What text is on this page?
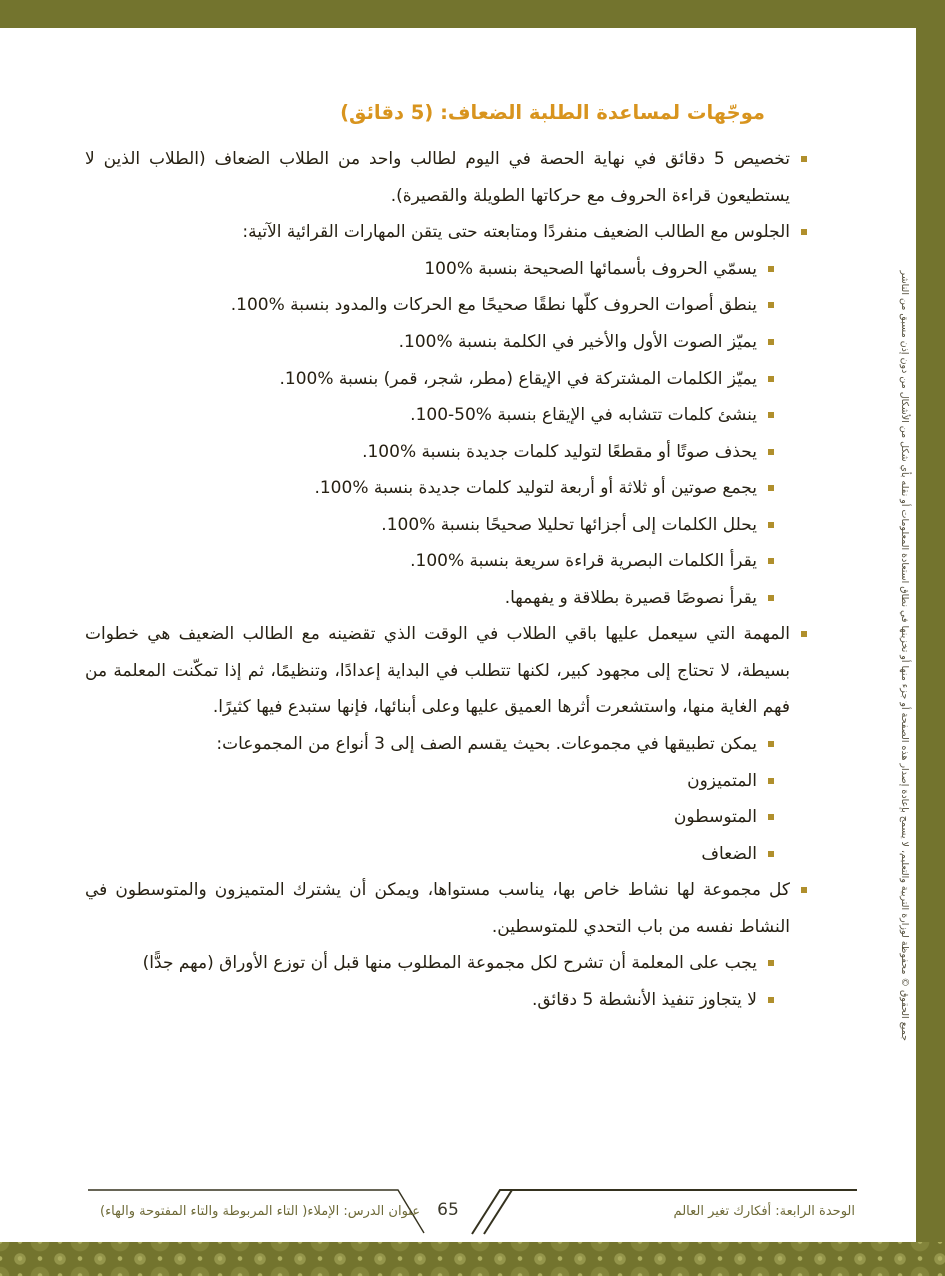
جميع الحقوق © محفوظة لوزارة التربية والتعليم، لا يسمح بإعادة إصدار هذه الصفحة أو جزء منها أو تخزينها في نطاق استعادة المعلومات أو نقله بأي شكل من الأشكال من دون إذن مسبق من الناشر
موجّهات لمساعدة الطلبة الضعاف: (5 دقائق)
تخصيص 5 دقائق في نهاية الحصة في اليوم لطالب واحد من الطلاب الضعاف (الطلاب الذين لا يستطيعون قراءة الحروف مع حركاتها الطويلة والقصيرة).
الجلوس مع الطالب الضعيف منفردًا ومتابعته حتى يتقن المهارات القرائية الآتية:
يسمّي الحروف بأسمائها الصحيحة بنسبة %100
ينطق أصوات الحروف كلّها نطقًا صحيحًا مع الحركات والمدود بنسبة %100.
يميّز الصوت الأول والأخير في الكلمة بنسبة %100.
يميّز الكلمات المشتركة في الإيقاع (مطر، شجر، قمر) بنسبة %100.
ينشئ كلمات تتشابه في الإيقاع بنسبة %50-100.
يحذف صوتًا أو مقطعًا لتوليد كلمات جديدة بنسبة %100.
يجمع صوتين أو ثلاثة أو أربعة لتوليد كلمات جديدة بنسبة %100.
يحلل الكلمات إلى أجزائها تحليلا صحيحًا بنسبة %100.
يقرأ الكلمات البصرية قراءة سريعة بنسبة %100.
يقرأ نصوصًا قصيرة بطلاقة و يفهمها.
المهمة التي سيعمل عليها باقي الطلاب في الوقت الذي تقضينه مع الطالب الضعيف هي خطوات بسيطة، لا تحتاج إلى مجهود كبير، لكنها تتطلب في البداية إعدادًا، وتنظيمًا، ثم إذا تمكّنت المعلمة من فهم الغاية منها، واستشعرت أثرها العميق عليها وعلى أبنائها، فإنها ستبدع فيها كثيرًا.
يمكن تطبيقها في مجموعات. بحيث يقسم الصف إلى 3 أنواع من المجموعات:
المتميزون
المتوسطون
الضعاف
كل مجموعة لها نشاط خاص بها، يناسب مستواها، ويمكن أن يشترك المتميزون والمتوسطون في النشاط نفسه من باب التحدي للمتوسطين.
يجب على المعلمة أن تشرح لكل مجموعة المطلوب منها قبل أن توزع الأوراق (مهم جدًّا)
لا يتجاوز تنفيذ الأنشطة 5 دقائق.
65	الوحدة الرابعة: أفكارك تغير العالم
عنوان الدرس: الإملاء( التاء المربوطة والتاء المفتوحة والهاء)
